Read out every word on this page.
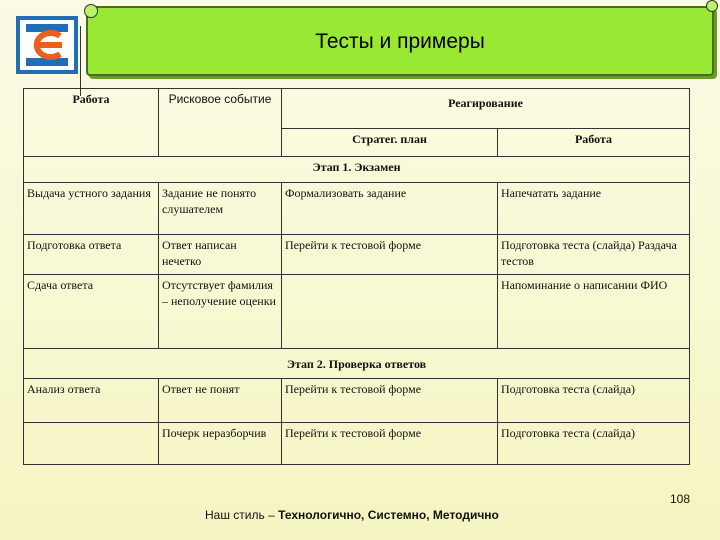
Тесты и примеры
Работа	Рисковое событие	Реагирование	
		Стратег. план	Работа
Этап 1. Экзамен			
Выдача устного задания	Задание не понято слушателем	Формализовать задание	Напечатать задание
Подготовка ответа	Ответ написан нечетко	Перейти к тестовой форме	Подготовка теста (слайда) Раздача тестов
Сдача ответа	Отсутствует фамилия – неполучение оценки		Напоминание о написании ФИО
Этап 2. Проверка ответов			
Анализ ответа	Ответ не понят	Перейти к тестовой форме	Подготовка теста (слайда)
	Почерк неразборчив	Перейти к тестовой форме	Подготовка теста (слайда)
108
Наш стиль – Технологично, Системно, Методично
